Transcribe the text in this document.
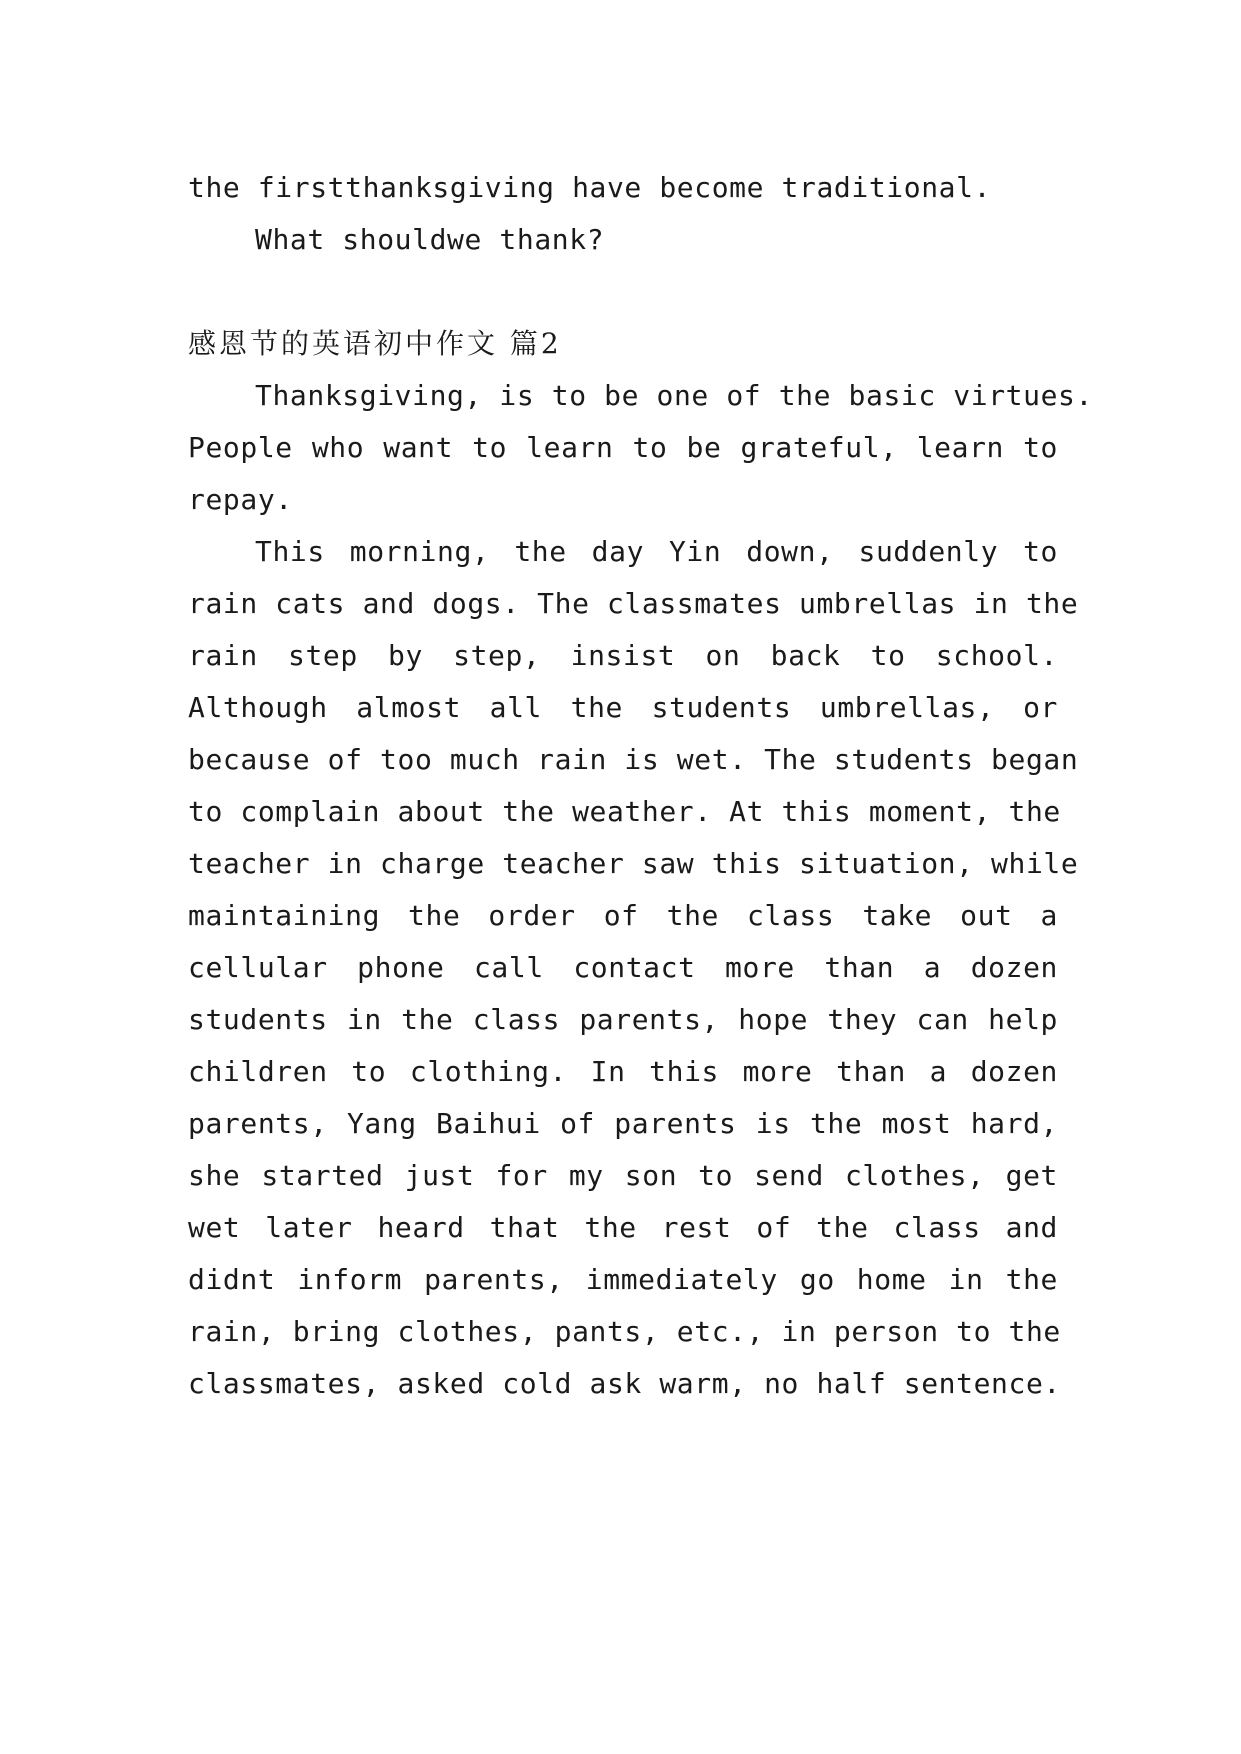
the firstthanksgiving have become traditional.
What shouldwe thank?
感恩节的英语初中作文 篇2
Thanksgiving, is to be one of the basic virtues.
People who want to learn to be grateful, learn to
repay.
This morning, the day Yin down, suddenly to
rain cats and dogs. The classmates umbrellas in the
rain step by step, insist on back to school.
Although almost all the students umbrellas, or
because of too much rain is wet. The students began
to complain about the weather. At this moment, the
teacher in charge teacher saw this situation, while
maintaining the order of the class take out a
cellular phone call contact more than a dozen
students in the class parents, hope they can help
children to clothing. In this more than a dozen
parents, Yang Baihui of parents is the most hard,
she started just for my son to send clothes, get
wet later heard that the rest of the class and
didnt inform parents, immediately go home in the
rain, bring clothes, pants, etc., in person to the
classmates, asked cold ask warm, no half sentence.
